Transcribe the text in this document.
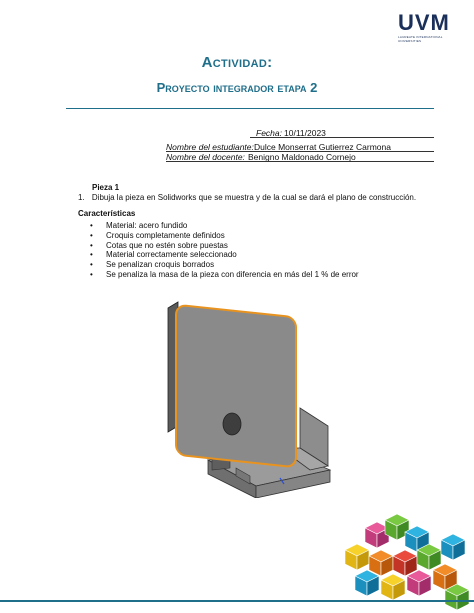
UVM
LAUREATE INTERNATIONAL UNIVERSITIES
Actividad:
Proyecto integrador etapa 2
Fecha: 10/11/2023
Nombre del estudiante: Dulce Monserrat Gutierrez Carmona
Nombre del docente: Benigno Maldonado Cornejo
Pieza 1
1. Dibuja la pieza en Solidworks que se muestra y de la cual se dará el plano de construcción.
Características
• Material: acero fundido
• Croquis completamente definidos
• Cotas que no estén sobre puestas
• Material correctamente seleccionado
• Se penalizan croquis borrados
• Se penaliza la masa de la pieza con diferencia en más del 1 % de error
